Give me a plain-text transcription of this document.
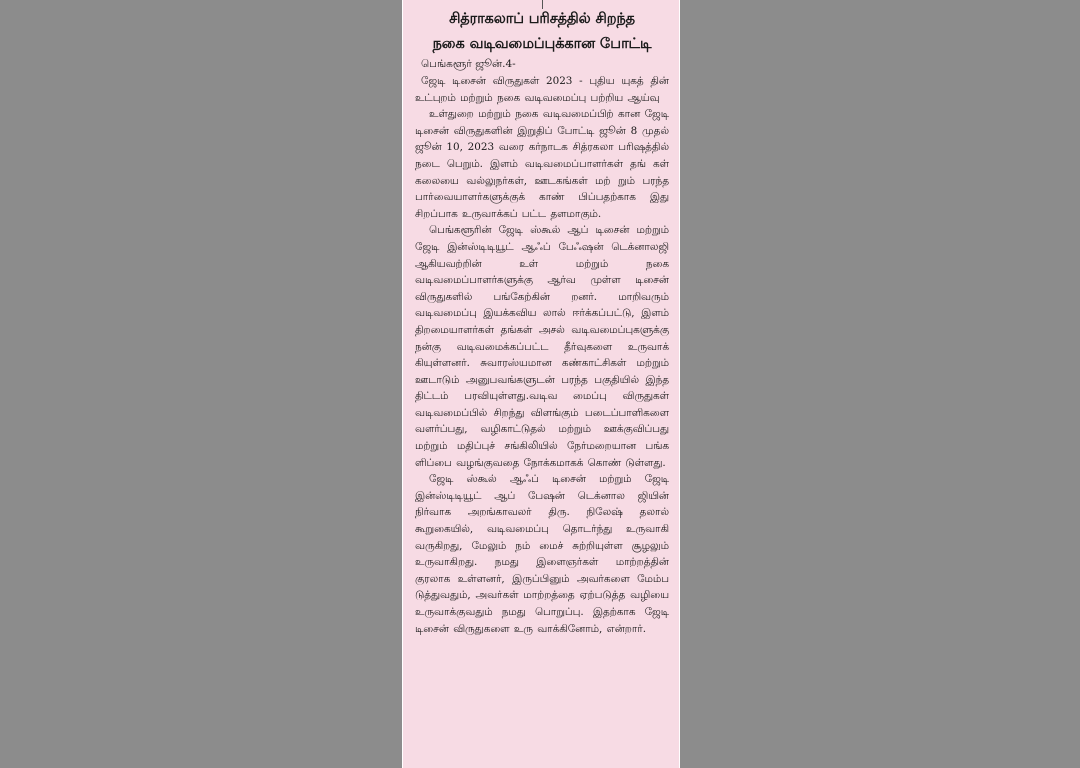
சித்ராகலாப் பரிசத்தில் சிறந்த

நகை வடிவமைப்புக்கான போட்டி

பெங்களூர் ஜூன்.4-

ஜேடி டிசைன் விருதுகள் 2023 - புதிய யுகத் தின் உட்புறம் மற்றும் நகை வடிவமைப்பு பற்றிய ஆய்வு

உள்துறை மற்றும் நகை வடிவமைப்பிற் கான ஜேடி டிசைன் விருதுகளின் இறுதிப் போட்டி ஜூன் 8 முதல் ஜூன் 10, 2023 வரை கர்நாடக சித்ரகலா பரிஷத்தில் நடை பெறும். இளம் வடிவமைப்பாளர்கள் தங் கள் கலையை வல்லுநர்கள், ஊடகங்கள் மற் றும் பரந்த பார்வையாளர்களுக்குக் காண் பிப்பதற்காக இது சிறப்பாக உருவாக்கப் பட்ட தளமாகும்.

பெங்களூரின் ஜேடி ஸ்கூல் ஆப் டிசைன் மற்றும் ஜேடி இன்ஸ்டிடியூட் ஆஃப் பேஃஷன் டெக்னாலஜி ஆகியவற்றின் உள் மற்றும் நகை வடிவமைப்பாளர்களுக்கு ஆர்வ முள்ள டிசைன் விருதுகளில் பங்கேற்கின் றனர். மாறிவரும் வடிவமைப்பு இயக்கவிய லால் ஈர்க்கப்பட்டு, இளம் திறமையாளர்கள் தங்கள் அசல் வடிவமைப்புகளுக்கு நன்கு வடிவமைக்கப்பட்ட தீர்வுகளை உருவாக் கியுள்ளனர். சுவாரஸ்யமான கண்காட்சிகள் மற்றும் ஊடாடும் அனுபவங்களுடன் பரந்த பகுதியில் இந்த திட்டம் பரவியுள்ளது.வடிவ மைப்பு விருதுகள் வடிவமைப்பில் சிறந்து விளங்கும் படைப்பாளிகளை வளர்ப்பது, வழிகாட்டுதல் மற்றும் ஊக்குவிப்பது மற்றும் மதிப்புச் சங்கிலியில் நேர்மறையான பங்க ளிப்பை வழங்குவதை நோக்கமாகக் கொண் டுள்ளது.

ஜேடி ஸ்கூல் ஆஃப் டிசைன் மற்றும் ஜேடி இன்ஸ்டிடியூட் ஆப் பேஷன் டெக்னால ஜியின் நிர்வாக அறங்காவலர் திரு. நிலேஷ் தலால் கூறுகையில், வடிவமைப்பு தொடர்ந்து உருவாகி வருகிறது, மேலும் நம் மைச் சுற்றியுள்ள சூழலும் உருவாகிறது. நமது இளைஞர்கள் மாற்றத்தின் குரலாக உள்ளனர், இருப்பினும் அவர்களை மேம்ப டுத்துவதும், அவர்கள் மாற்றத்தை ஏற்படுத்த வழியை உருவாக்குவதும் நமது பொறுப்பு. இதற்காக ஜேடி டிசைன் விருதுகளை உரு வாக்கினோம், என்றார்.
